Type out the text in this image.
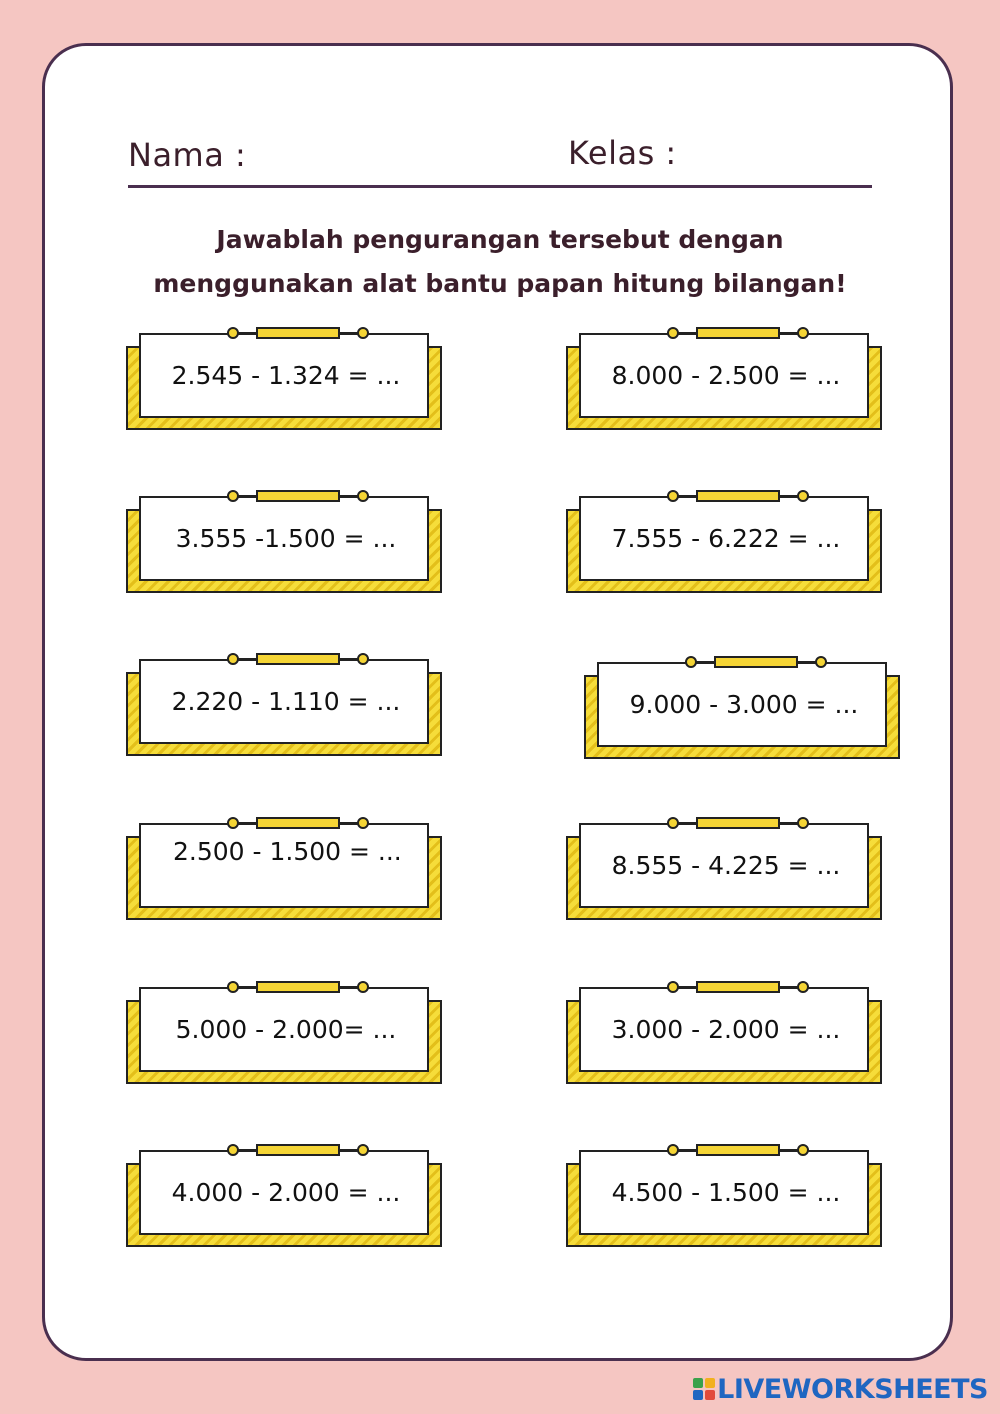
Nama :	Kelas :
Jawablah pengurangan tersebut dengan
menggunakan alat bantu papan hitung bilangan!
2.545 - 1.324 = ...	8.000 - 2.500 = ...
3.555 -1.500 = ...	7.555 - 6.222 = ...
2.220 - 1.110 = ...	9.000 - 3.000 = ...
2.500 - 1.500 = ...	8.555 - 4.225 = ...
5.000 - 2.000= ...	3.000 - 2.000 = ...
4.000 - 2.000 = ...	4.500 - 1.500 = ...
LIVEWORKSHEETS
